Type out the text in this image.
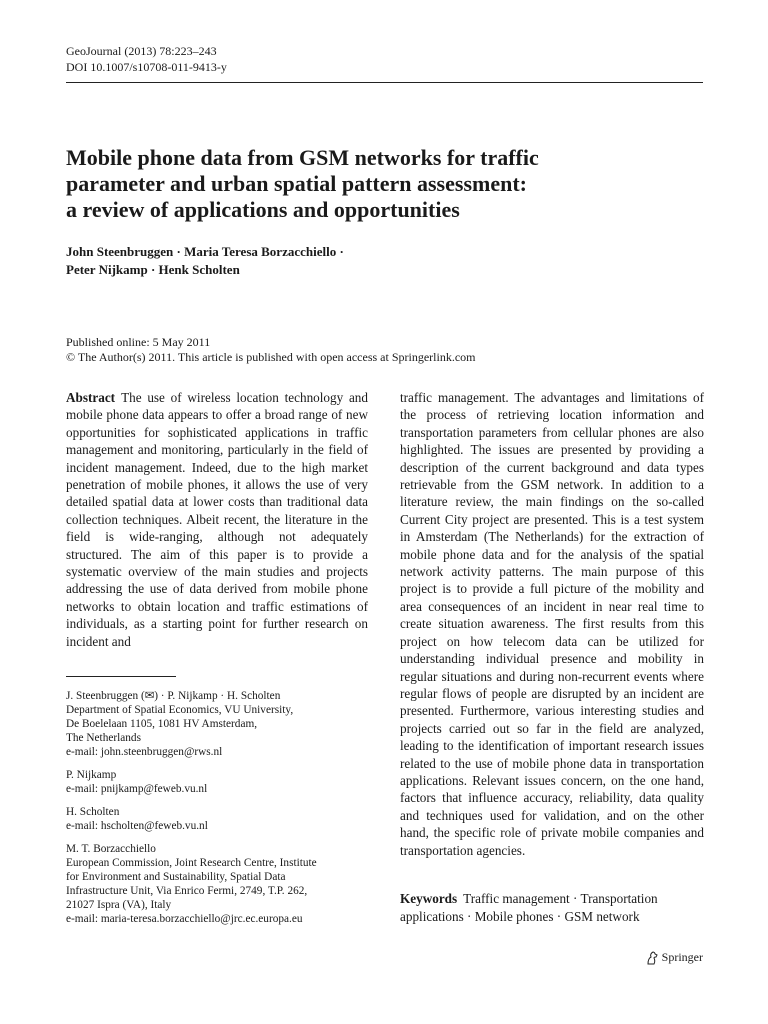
GeoJournal (2013) 78:223–243
DOI 10.1007/s10708-011-9413-y
Mobile phone data from GSM networks for traffic
parameter and urban spatial pattern assessment:
a review of applications and opportunities
John Steenbruggen · Maria Teresa Borzacchiello ·
Peter Nijkamp · Henk Scholten
Published online: 5 May 2011
© The Author(s) 2011. This article is published with open access at Springerlink.com

Abstract The use of wireless location technology and mobile phone data appears to offer a broad range of new opportunities for sophisticated applications in traffic management and monitoring, particularly in the field of incident management. Indeed, due to the high market penetration of mobile phones, it allows the use of very detailed spatial data at lower costs than traditional data collection techniques. Albeit recent, the literature in the field is wide-ranging, although not adequately structured. The aim of this paper is to provide a systematic overview of the main studies and projects addressing the use of data derived from mobile phone networks to obtain location and traffic estimations of individuals, as a starting point for further research on incident and

J. Steenbruggen (✉) · P. Nijkamp · H. Scholten
Department of Spatial Economics, VU University,
De Boelelaan 1105, 1081 HV Amsterdam,
The Netherlands
e-mail: john.steenbruggen@rws.nl
P. Nijkamp
e-mail: pnijkamp@feweb.vu.nl
H. Scholten
e-mail: hscholten@feweb.vu.nl
M. T. Borzacchiello
European Commission, Joint Research Centre, Institute
for Environment and Sustainability, Spatial Data
Infrastructure Unit, Via Enrico Fermi, 2749, T.P. 262,
21027 Ispra (VA), Italy
e-mail: maria-teresa.borzacchiello@jrc.ec.europa.eu

traffic management. The advantages and limitations of the process of retrieving location information and transportation parameters from cellular phones are also highlighted. The issues are presented by providing a description of the current background and data types retrievable from the GSM network. In addition to a literature review, the main findings on the so-called Current City project are presented. This is a test system in Amsterdam (The Netherlands) for the extraction of mobile phone data and for the analysis of the spatial network activity patterns. The main purpose of this project is to provide a full picture of the mobility and area consequences of an incident in near real time to create situation awareness. The first results from this project on how telecom data can be utilized for understanding individual presence and mobility in regular situations and during non-recurrent events where regular flows of people are disrupted by an incident are presented. Furthermore, various interesting studies and projects carried out so far in the field are analyzed, leading to the identification of important research issues related to the use of mobile phone data in transportation applications. Relevant issues concern, on the one hand, factors that influence accuracy, reliability, data quality and techniques used for validation, and on the other hand, the specific role of private mobile companies and transportation agencies.

Keywords Traffic management · Transportation applications · Mobile phones · GSM network
Springer
